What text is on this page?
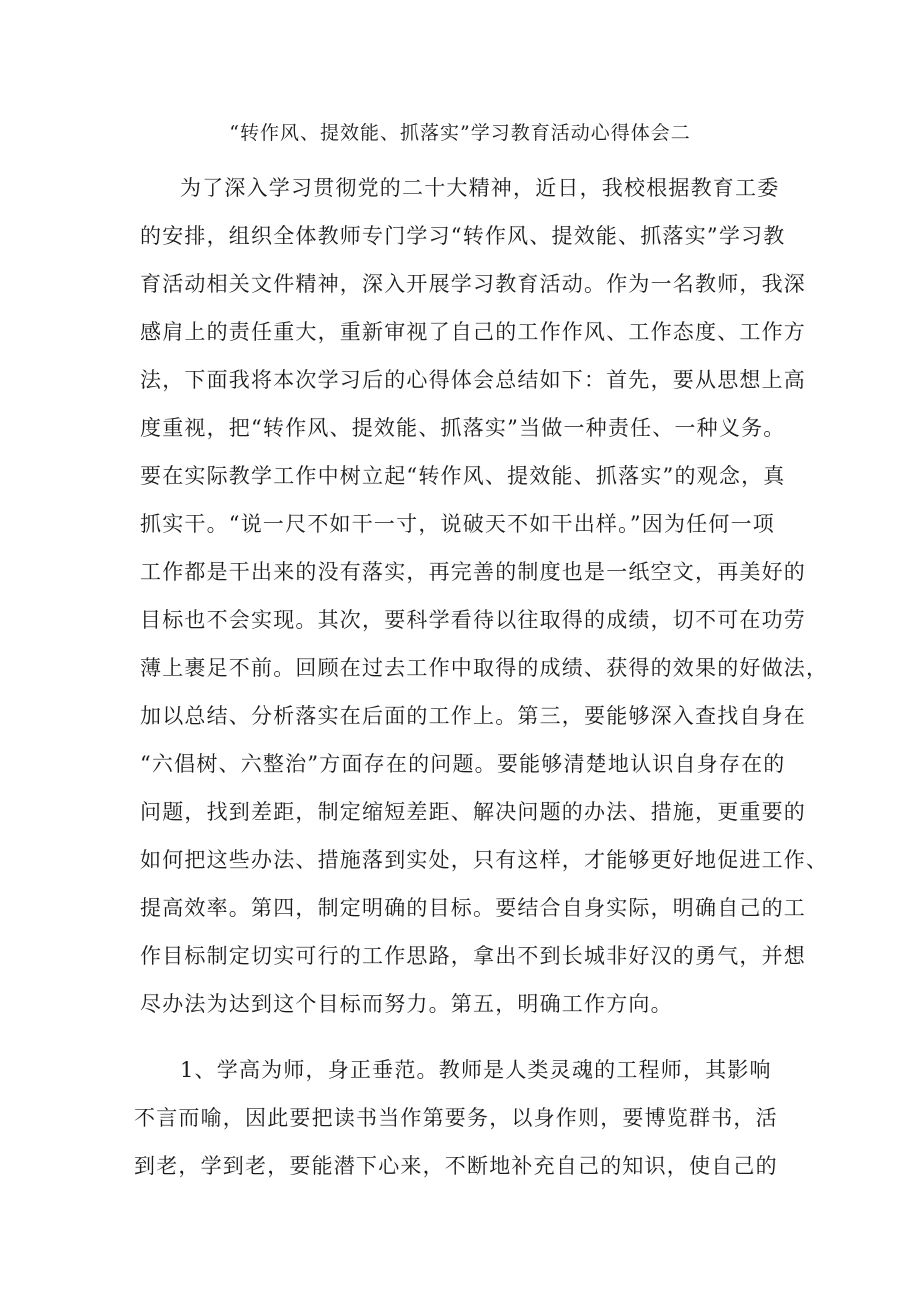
“转作风、提效能、抓落实”学习教育活动心得体会二
为了深入学习贯彻党的二十大精神，近日，我校根据教育工委
的安排，组织全体教师专门学习“转作风、提效能、抓落实”学习教
育活动相关文件精神，深入开展学习教育活动。作为一名教师，我深
感肩上的责任重大，重新审视了自己的工作作风、工作态度、工作方
法，下面我将本次学习后的心得体会总结如下：首先，要从思想上高
度重视，把“转作风、提效能、抓落实”当做一种责任、一种义务。
要在实际教学工作中树立起“转作风、提效能、抓落实”的观念，真
抓实干。“说一尺不如干一寸，说破天不如干出样。”因为任何一项
工作都是干出来的没有落实，再完善的制度也是一纸空文，再美好的
目标也不会实现。其次，要科学看待以往取得的成绩，切不可在功劳
薄上裹足不前。回顾在过去工作中取得的成绩、获得的效果的好做法，
加以总结、分析落实在后面的工作上。第三，要能够深入查找自身在
“六倡树、六整治”方面存在的问题。要能够清楚地认识自身存在的
问题，找到差距，制定缩短差距、解决问题的办法、措施，更重要的
如何把这些办法、措施落到实处，只有这样，才能够更好地促进工作、
提高效率。第四，制定明确的目标。要结合自身实际，明确自己的工
作目标制定切实可行的工作思路，拿出不到长城非好汉的勇气，并想
尽办法为达到这个目标而努力。第五，明确工作方向。
1、学高为师，身正垂范。教师是人类灵魂的工程师，其影响
不言而喻，因此要把读书当作第要务，以身作则，要博览群书，活
到老，学到老，要能潜下心来，不断地补充自己的知识，使自己的
